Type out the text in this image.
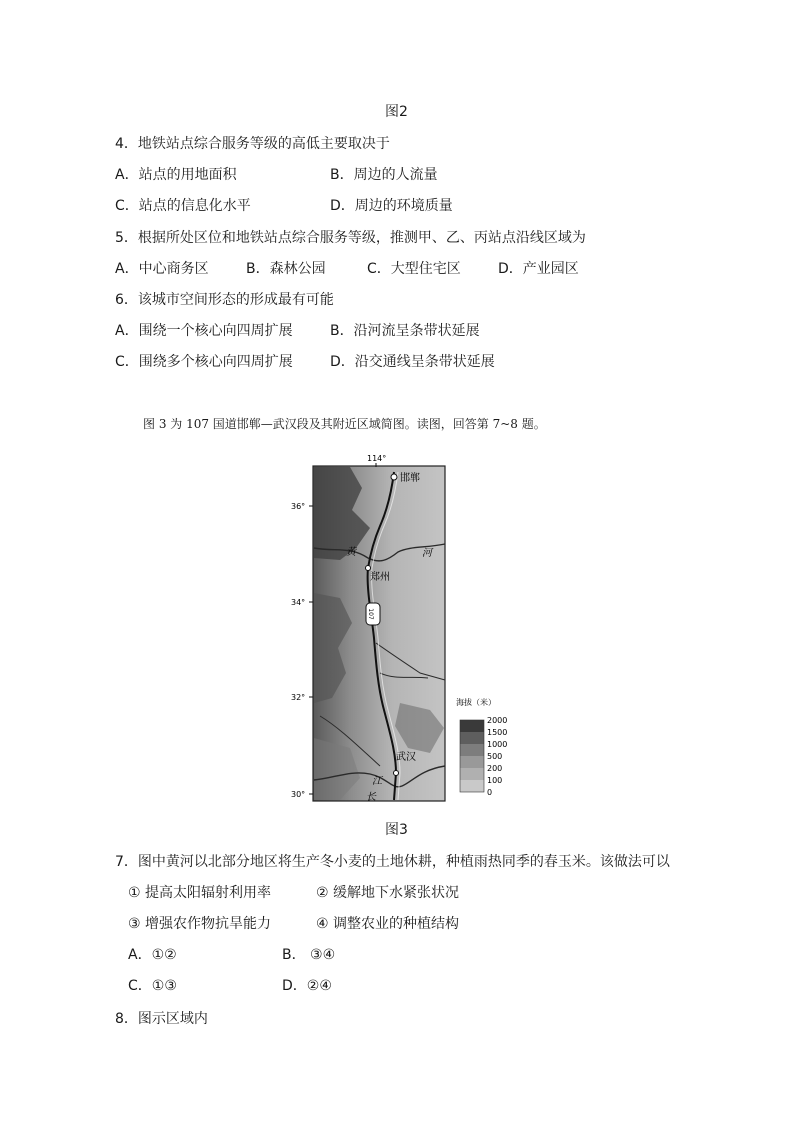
图2
4．地铁站点综合服务等级的高低主要取决于
A．站点的用地面积	B．周边的人流量
C．站点的信息化水平	D．周边的环境质量
5．根据所处区位和地铁站点综合服务等级，推测甲、乙、丙站点沿线区域为
A．中心商务区	B．森林公园	C．大型住宅区	D．产业园区
6．该城市空间形态的形成最有可能
A．围绕一个核心向四周扩展	B．沿河流呈条带状延展
C．围绕多个核心向四周扩展	D．沿交通线呈条带状延展
图 3 为 107 国道邯郸—武汉段及其附近区域简图。读图，回答第 7~8 题。
107
邯郸
郑州
武汉
黄	河
江
长
114°
36°
34°
32°
30°
海拔（米）
2000
1500
1000
500
200
100
0
图3
7．图中黄河以北部分地区将生产冬小麦的土地休耕，种植雨热同季的春玉米。该做法可以
① 提高太阳辐射利用率	② 缓解地下水紧张状况
③ 增强农作物抗旱能力	④ 调整农业的种植结构
A．①②	B． ③④
C．①③	D．②④
8．图示区域内
